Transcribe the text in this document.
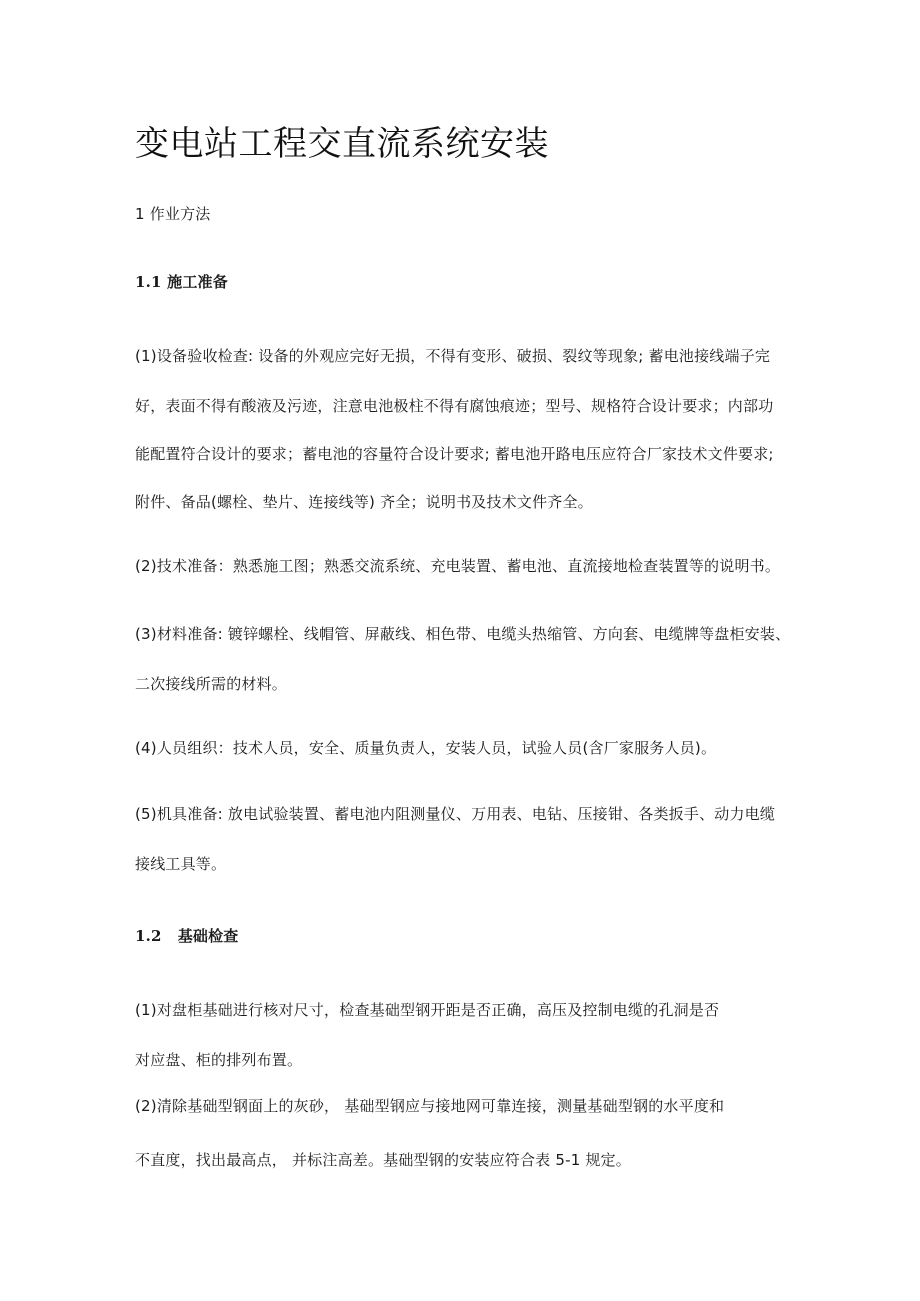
变电站工程交直流系统安装
1 作业方法
1.1 施工准备
(1)设备验收检查: 设备的外观应完好无损，不得有变形、破损、裂纹等现象; 蓄电池接线端子完
好，表面不得有酸液及污迹，注意电池极柱不得有腐蚀痕迹；型号、规格符合设计要求；内部功
能配置符合设计的要求；蓄电池的容量符合设计要求; 蓄电池开路电压应符合厂家技术文件要求;
附件、备品(螺栓、垫片、连接线等) 齐全；说明书及技术文件齐全。
(2)技术准备：熟悉施工图；熟悉交流系统、充电装置、蓄电池、直流接地检查装置等的说明书。
(3)材料准备: 镀锌螺栓、线帽管、屏蔽线、相色带、电缆头热缩管、方向套、电缆牌等盘柜安装、
二次接线所需的材料。
(4)人员组织：技术人员，安全、质量负责人，安装人员，试验人员(含厂家服务人员)。
(5)机具准备: 放电试验装置、蓄电池内阻测量仪、万用表、电钻、压接钳、各类扳手、动力电缆
接线工具等。
1.2 基础检查
(1)对盘柜基础进行核对尺寸，检查基础型钢开距是否正确，高压及控制电缆的孔洞是否
对应盘、柜的排列布置。
(2)清除基础型钢面上的灰砂， 基础型钢应与接地网可靠连接，测量基础型钢的水平度和
不直度，找出最高点， 并标注高差。基础型钢的安装应符合表 5-1 规定。
